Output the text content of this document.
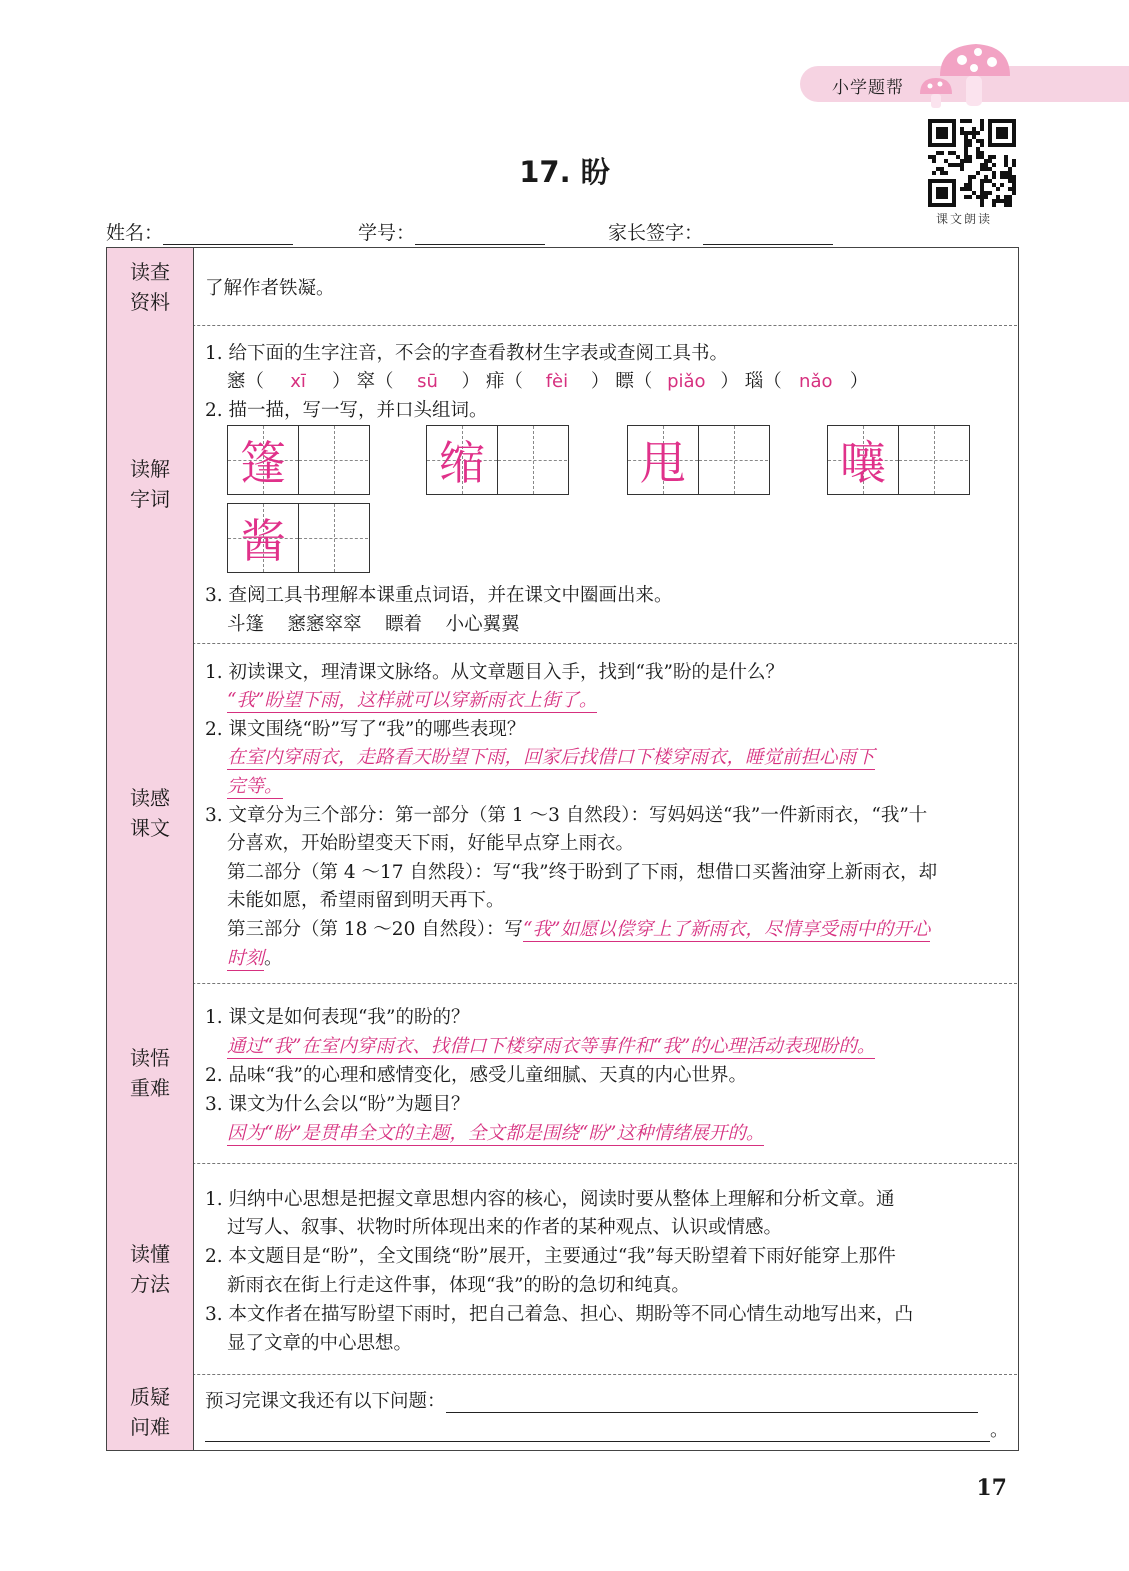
小学题帮
课文朗读
17. 盼
姓名：	学号：	家长签字：
读查
资料
了解作者铁凝。
读解
字词
1. 给下面的生字注音，不会的字查看教材生字表或查阅工具书。
窸（ xī ） 窣（ sū ） 痱（ fèi ） 瞟（ piǎo ） 瑙（ nǎo ）
2. 描一描，写一写，并口头组词。
篷	缩	甩	嚷
酱
3. 查阅工具书理解本课重点词语，并在课文中圈画出来。
斗篷 窸窸窣窣 瞟着 小心翼翼
读感
课文
1. 初读课文，理清课文脉络。从文章题目入手，找到“我”盼的是什么？
“我”盼望下雨，这样就可以穿新雨衣上街了。
2. 课文围绕“盼”写了“我”的哪些表现？
在室内穿雨衣，走路看天盼望下雨，回家后找借口下楼穿雨衣，睡觉前担心雨下
完等。
3. 文章分为三个部分：第一部分（第 1 ～3 自然段）：写妈妈送“我”一件新雨衣，“我”十
分喜欢，开始盼望变天下雨，好能早点穿上雨衣。
第二部分（第 4 ～17 自然段）：写“我”终于盼到了下雨，想借口买酱油穿上新雨衣，却
未能如愿，希望雨留到明天再下。
第三部分（第 18 ～20 自然段）：写“我”如愿以偿穿上了新雨衣，尽情享受雨中的开心
时刻。
读悟
重难
1. 课文是如何表现“我”的盼的？
通过“我”在室内穿雨衣、找借口下楼穿雨衣等事件和“我”的心理活动表现盼的。
2. 品味“我”的心理和感情变化，感受儿童细腻、天真的内心世界。
3. 课文为什么会以“盼”为题目？
因为“盼”是贯串全文的主题，全文都是围绕“盼”这种情绪展开的。
读懂
方法
1. 归纳中心思想是把握文章思想内容的核心，阅读时要从整体上理解和分析文章。通
过写人、叙事、状物时所体现出来的作者的某种观点、认识或情感。
2. 本文题目是“盼”，全文围绕“盼”展开，主要通过“我”每天盼望着下雨好能穿上那件
新雨衣在街上行走这件事，体现“我”的盼的急切和纯真。
3. 本文作者在描写盼望下雨时，把自己着急、担心、期盼等不同心情生动地写出来，凸
显了文章的中心思想。
质疑
问难
预习完课文我还有以下问题：
。
17
